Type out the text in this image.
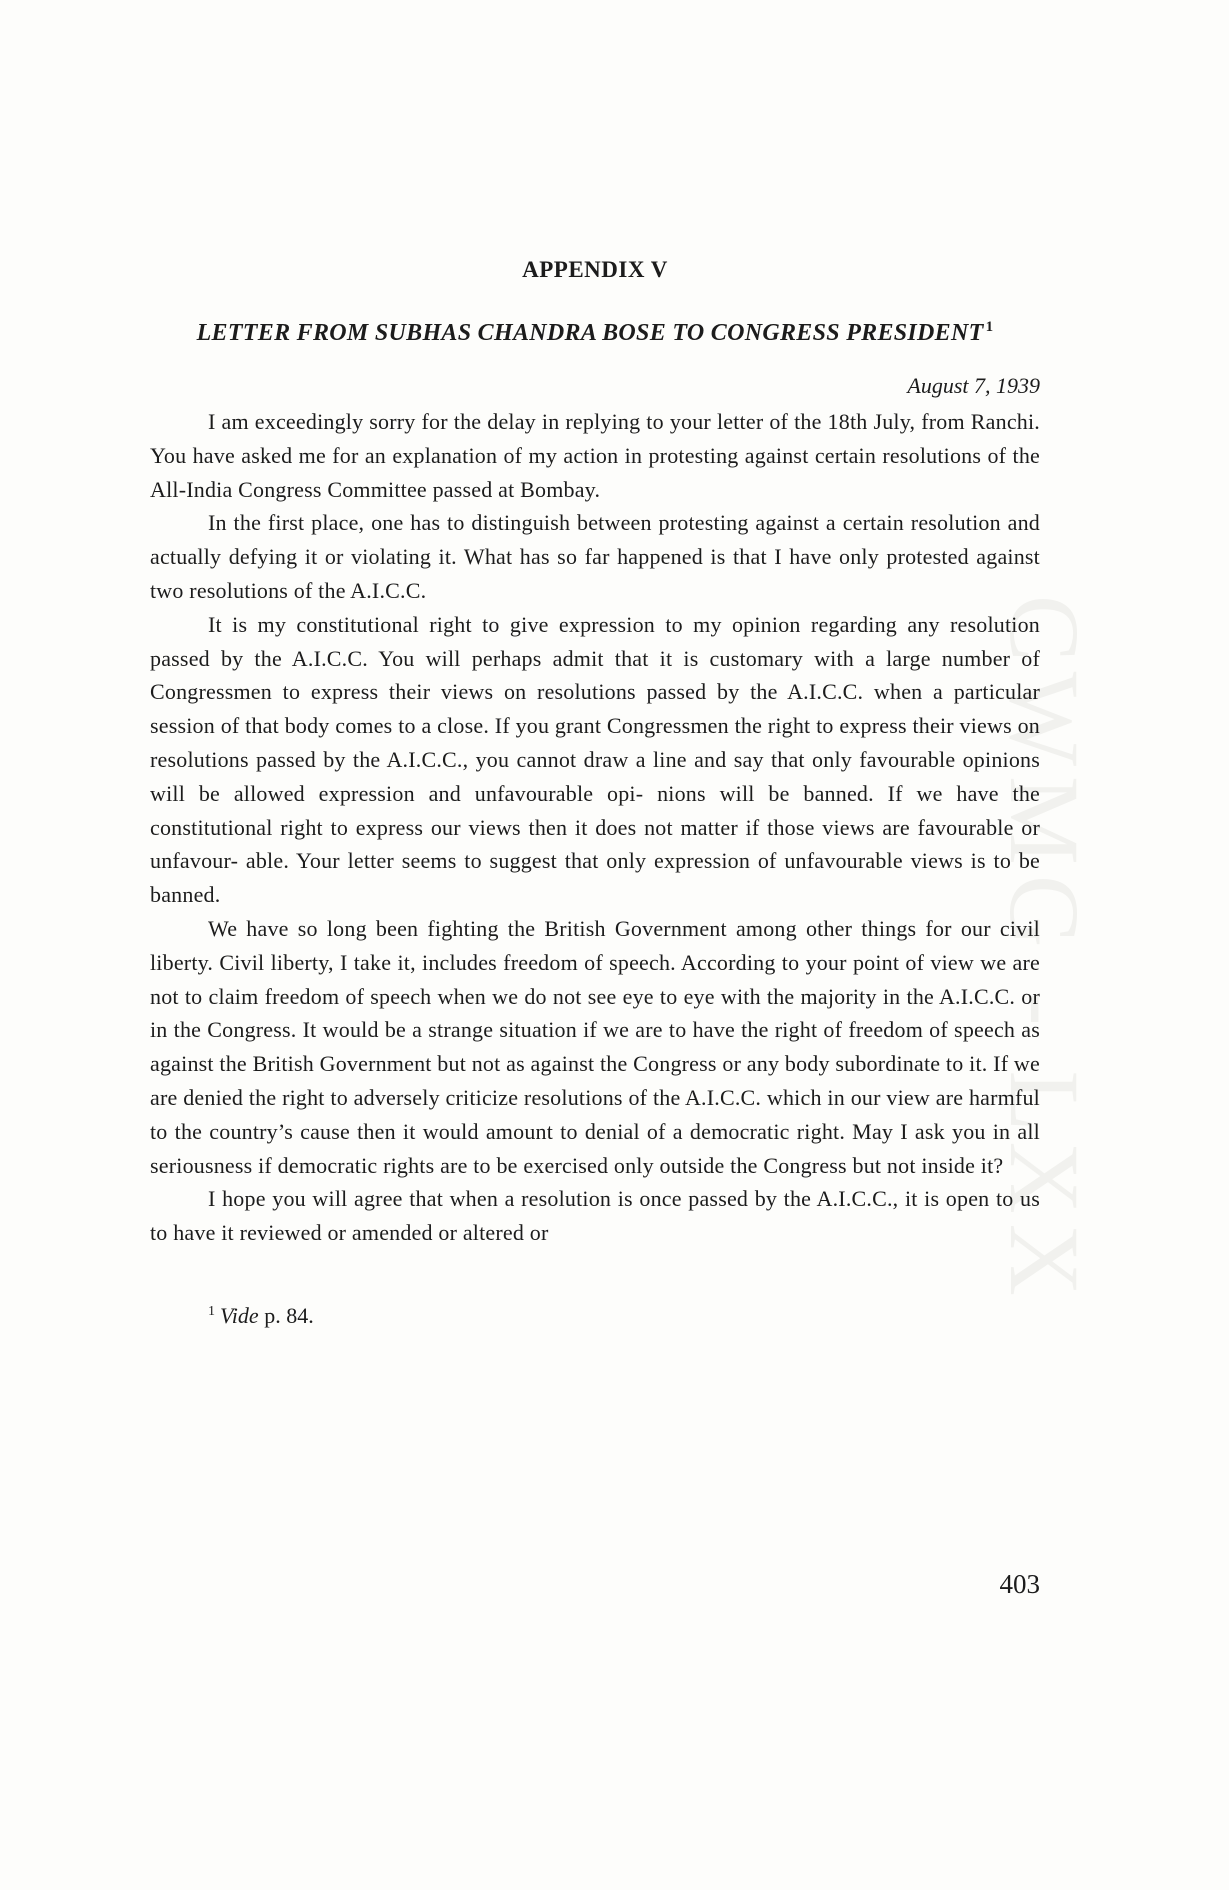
CWMG - LXX
APPENDIX V
LETTER FROM SUBHAS CHANDRA BOSE TO CONGRESS PRESIDENT $^1$
August 7, 1939

I am exceedingly sorry for the delay in replying to your letter of the 18th July, from Ranchi. You have asked me for an explanation of my action in protesting against certain resolutions of the All-India Congress Committee passed at Bombay.

In the first place, one has to distinguish between protesting against a certain resolution and actually defying it or violating it. What has so far happened is that I have only protested against two resolutions of the A.I.C.C.

It is my constitutional right to give expression to my opinion regarding any resolution passed by the A.I.C.C. You will perhaps admit that it is customary with a large number of Congressmen to express their views on resolutions passed by the A.I.C.C. when a particular session of that body comes to a close. If you grant Congressmen the right to express their views on resolutions passed by the A.I.C.C., you cannot draw a line and say that only favourable opinions will be allowed expression and unfavourable opi- nions will be banned. If we have the constitutional right to express our views then it does not matter if those views are favourable or unfavour- able. Your letter seems to suggest that only expression of unfavourable views is to be banned.

We have so long been fighting the British Government among other things for our civil liberty. Civil liberty, I take it, includes freedom of speech. According to your point of view we are not to claim freedom of speech when we do not see eye to eye with the majority in the A.I.C.C. or in the Congress. It would be a strange situation if we are to have the right of freedom of speech as against the British Government but not as against the Congress or any body subordinate to it. If we are denied the right to adversely criticize resolutions of the A.I.C.C. which in our view are harmful to the country’s cause then it would amount to denial of a democratic right. May I ask you in all seriousness if democratic rights are to be exercised only outside the Congress but not inside it?

I hope you will agree that when a resolution is once passed by the A.I.C.C., it is open to us to have it reviewed or amended or altered or

$^1$ Vide p. 84.
403
